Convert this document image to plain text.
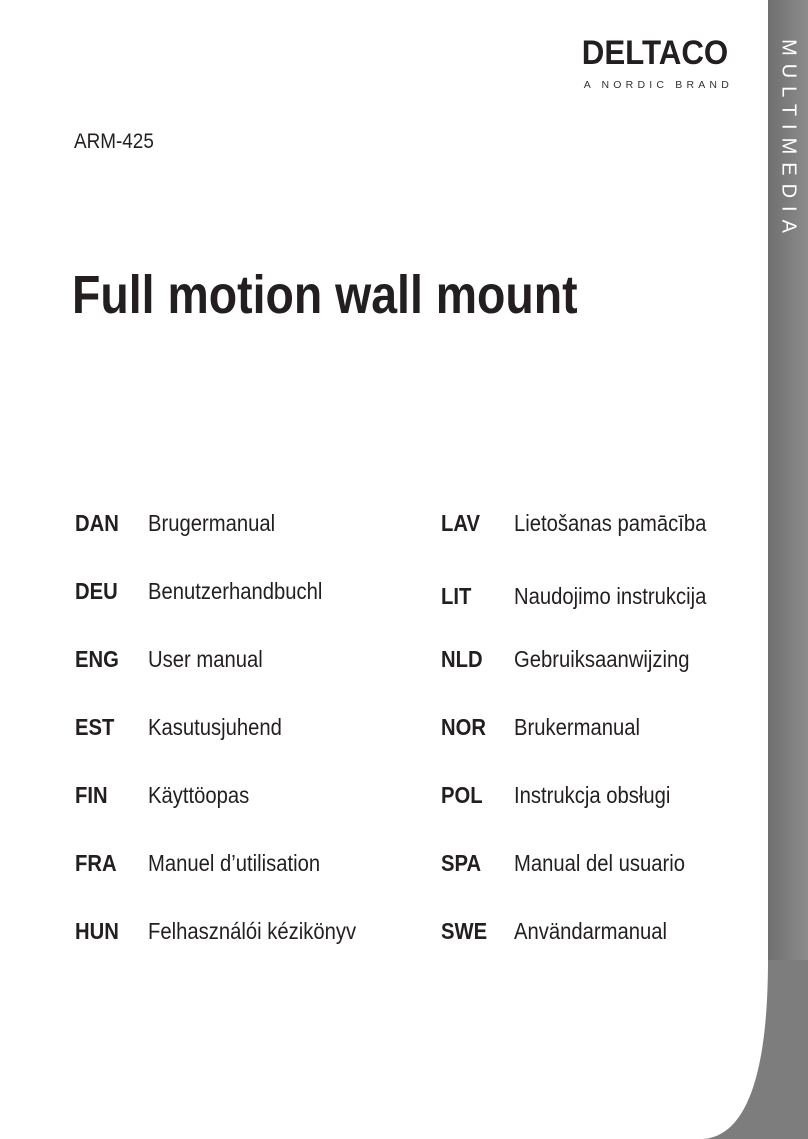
MULTIMEDIA
DELTACO
A NORDIC BRAND
ARM-425
Full motion wall mount
DAN Brugermanual
DEU Benutzerhandbuchl
ENG User manual
EST Kasutusjuhend
FIN Käyttöopas
FRA Manuel d’utilisation
HUN Felhasználói kézikönyv
LAV Lietošanas pamācība
LIT Naudojimo instrukcija
NLD Gebruiksaanwijzing
NOR Brukermanual
POL Instrukcja obsługi
SPA Manual del usuario
SWE Användarmanual
